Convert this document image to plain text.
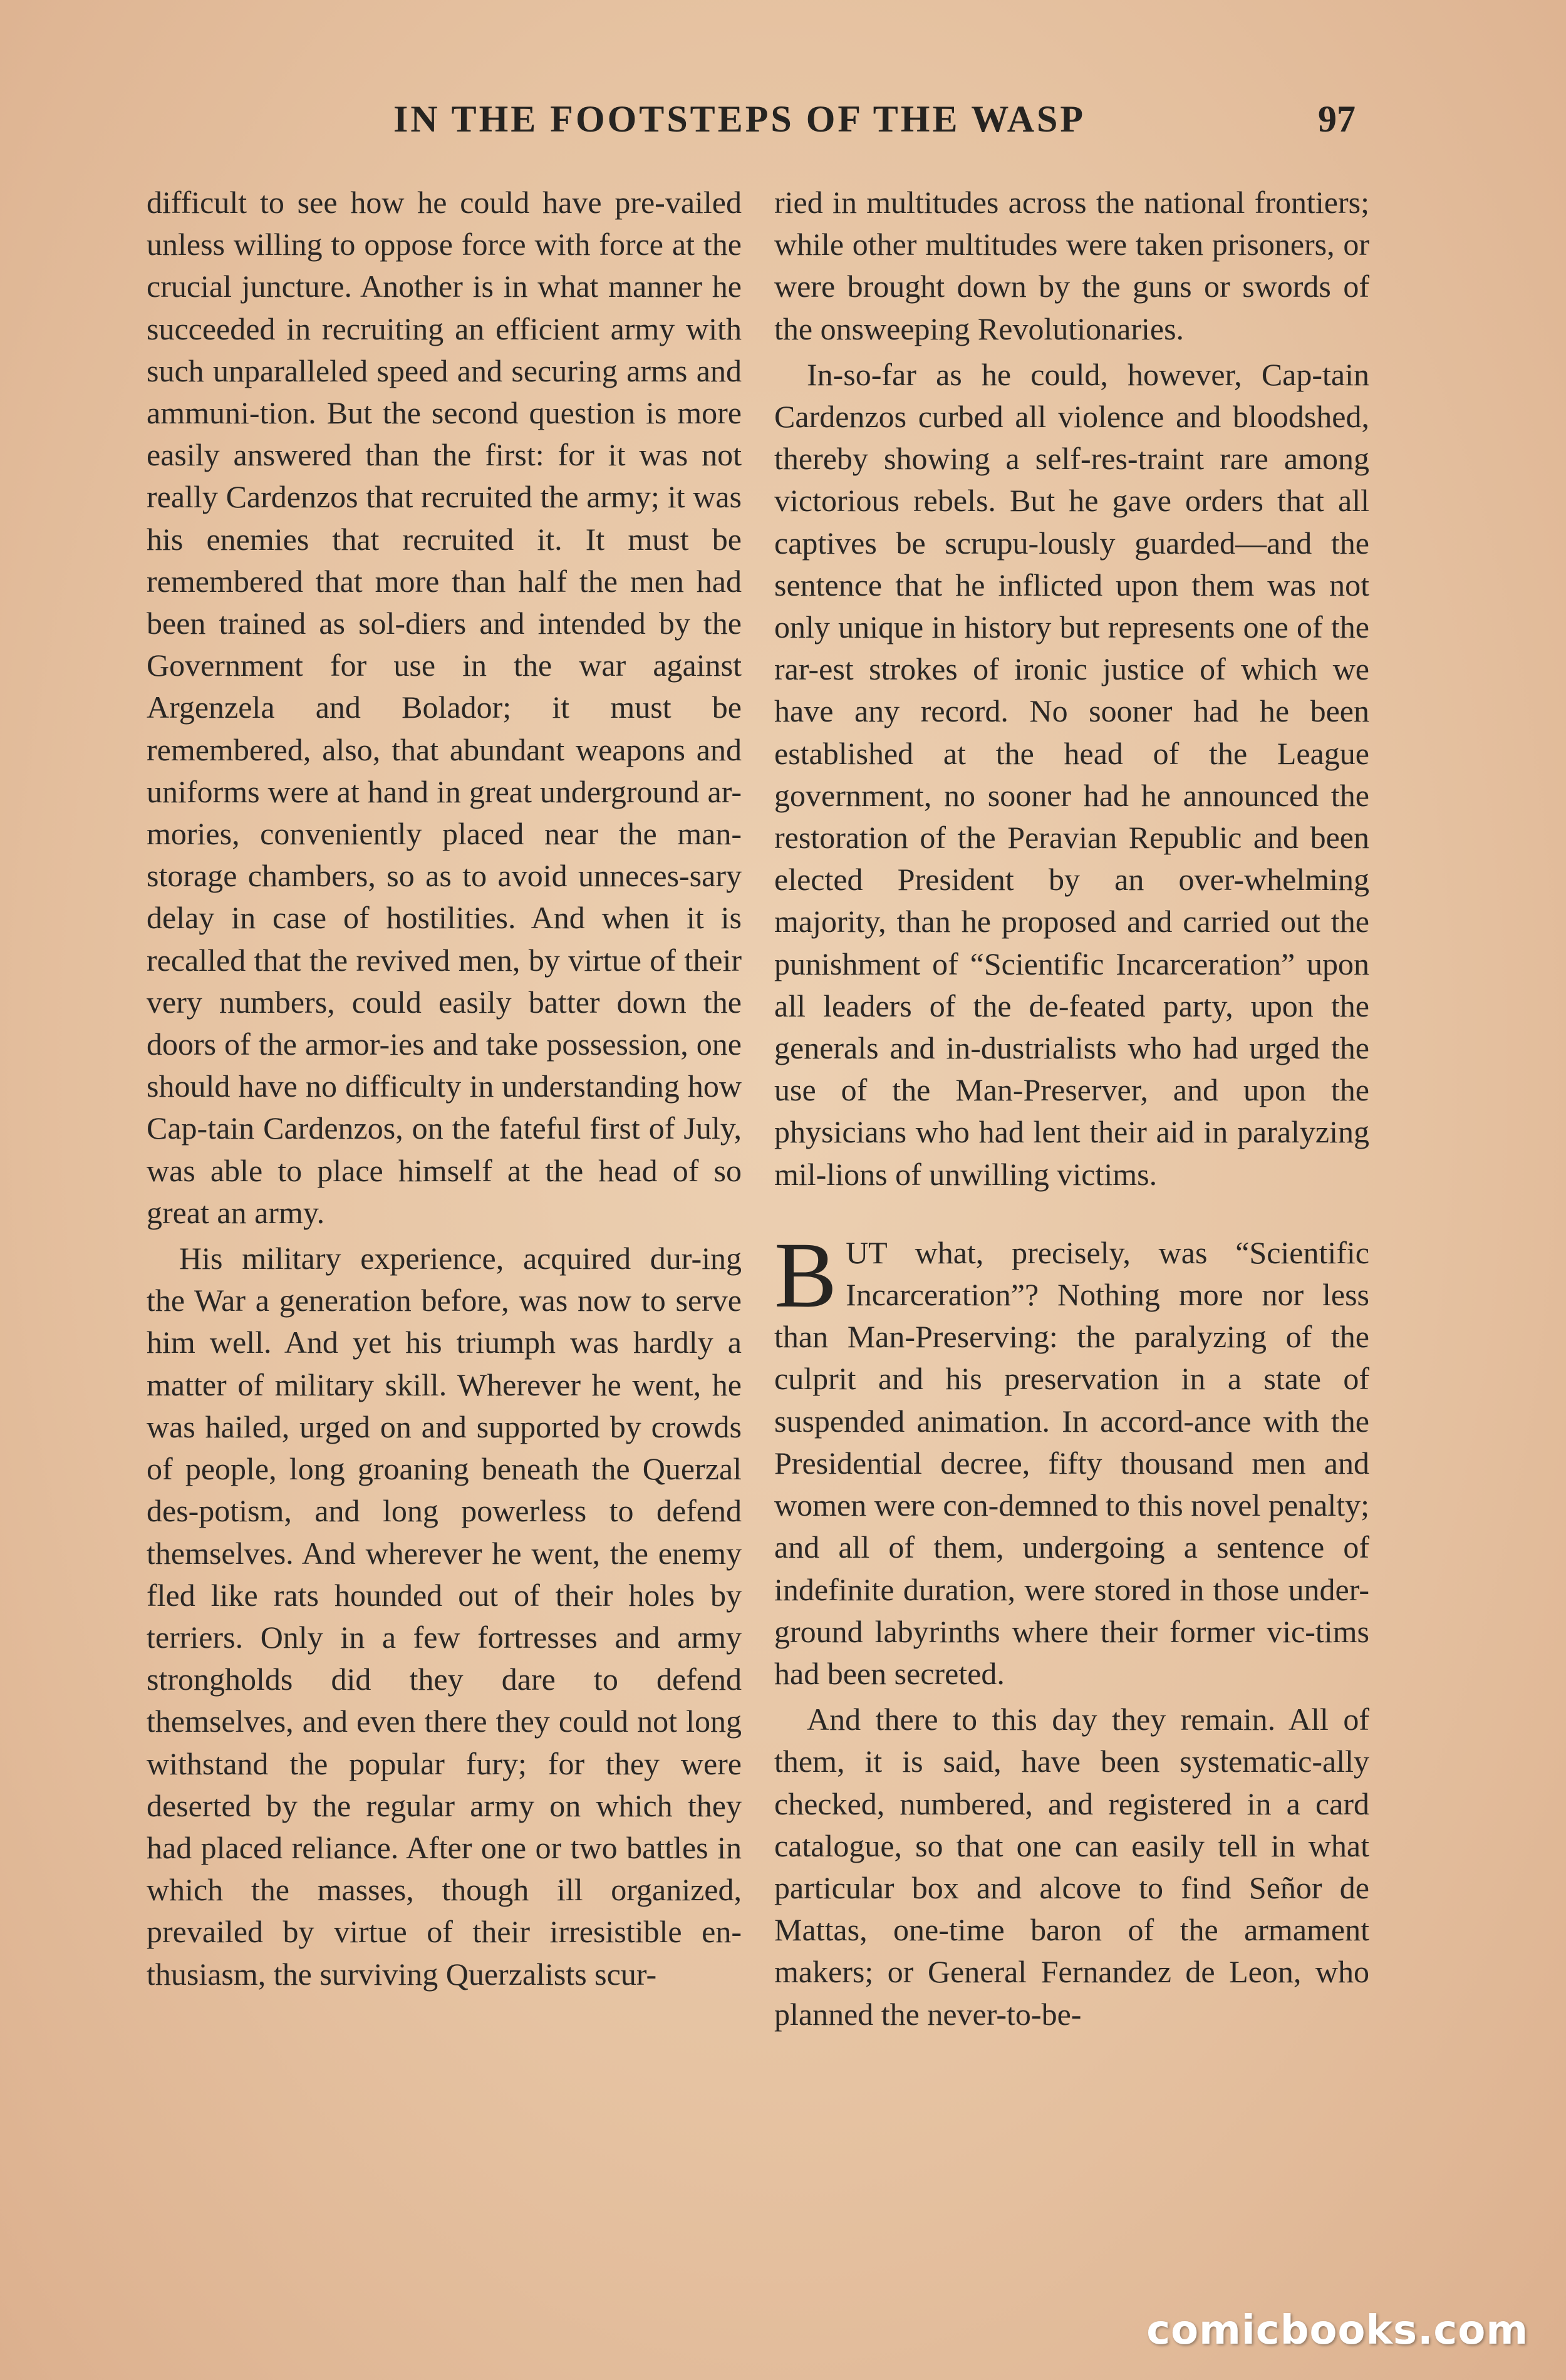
IN THE FOOTSTEPS OF THE WASP	97

difficult to see how he could have pre-vailed unless willing to oppose force with force at the crucial juncture. Another is in what manner he succeeded in recruiting an efficient army with such unparalleled speed and securing arms and ammuni-tion. But the second question is more easily answered than the first: for it was not really Cardenzos that recruited the army; it was his enemies that recruited it. It must be remembered that more than half the men had been trained as sol-diers and intended by the Government for use in the war against Argenzela and Bolador; it must be remembered, also, that abundant weapons and uniforms were at hand in great underground ar-mories, conveniently placed near the man-storage chambers, so as to avoid unneces-sary delay in case of hostilities. And when it is recalled that the revived men, by virtue of their very numbers, could easily batter down the doors of the armor-ies and take possession, one should have no difficulty in understanding how Cap-tain Cardenzos, on the fateful first of July, was able to place himself at the head of so great an army.

His military experience, acquired dur-ing the War a generation before, was now to serve him well. And yet his triumph was hardly a matter of military skill. Wherever he went, he was hailed, urged on and supported by crowds of people, long groaning beneath the Querzal des-potism, and long powerless to defend themselves. And wherever he went, the enemy fled like rats hounded out of their holes by terriers. Only in a few fortresses and army strongholds did they dare to defend themselves, and even there they could not long withstand the popular fury; for they were deserted by the regular army on which they had placed reliance. After one or two battles in which the masses, though ill organized, prevailed by virtue of their irresistible en-thusiasm, the surviving Querzalists scur-

ried in multitudes across the national frontiers; while other multitudes were taken prisoners, or were brought down by the guns or swords of the onsweeping Revolutionaries.

In-so-far as he could, however, Cap-tain Cardenzos curbed all violence and bloodshed, thereby showing a self-res-traint rare among victorious rebels. But he gave orders that all captives be scrupu-lously guarded—and the sentence that he inflicted upon them was not only unique in history but represents one of the rar-est strokes of ironic justice of which we have any record. No sooner had he been established at the head of the League government, no sooner had he announced the restoration of the Peravian Republic and been elected President by an over-whelming majority, than he proposed and carried out the punishment of “Scientific Incarceration” upon all leaders of the de-feated party, upon the generals and in-dustrialists who had urged the use of the Man-Preserver, and upon the physicians who had lent their aid in paralyzing mil-lions of unwilling victims.

BUT what, precisely, was “Scientific Incarceration”? Nothing more nor less than Man-Preserving: the paralyzing of the culprit and his preservation in a state of suspended animation. In accord-ance with the Presidential decree, fifty thousand men and women were con-demned to this novel penalty; and all of them, undergoing a sentence of indefinite duration, were stored in those under-ground labyrinths where their former vic-tims had been secreted.

And there to this day they remain. All of them, it is said, have been systematic-ally checked, numbered, and registered in a card catalogue, so that one can easily tell in what particular box and alcove to find Señor de Mattas, one-time baron of the armament makers; or General Fernandez de Leon, who planned the never-to-be-

comicbooks.com
